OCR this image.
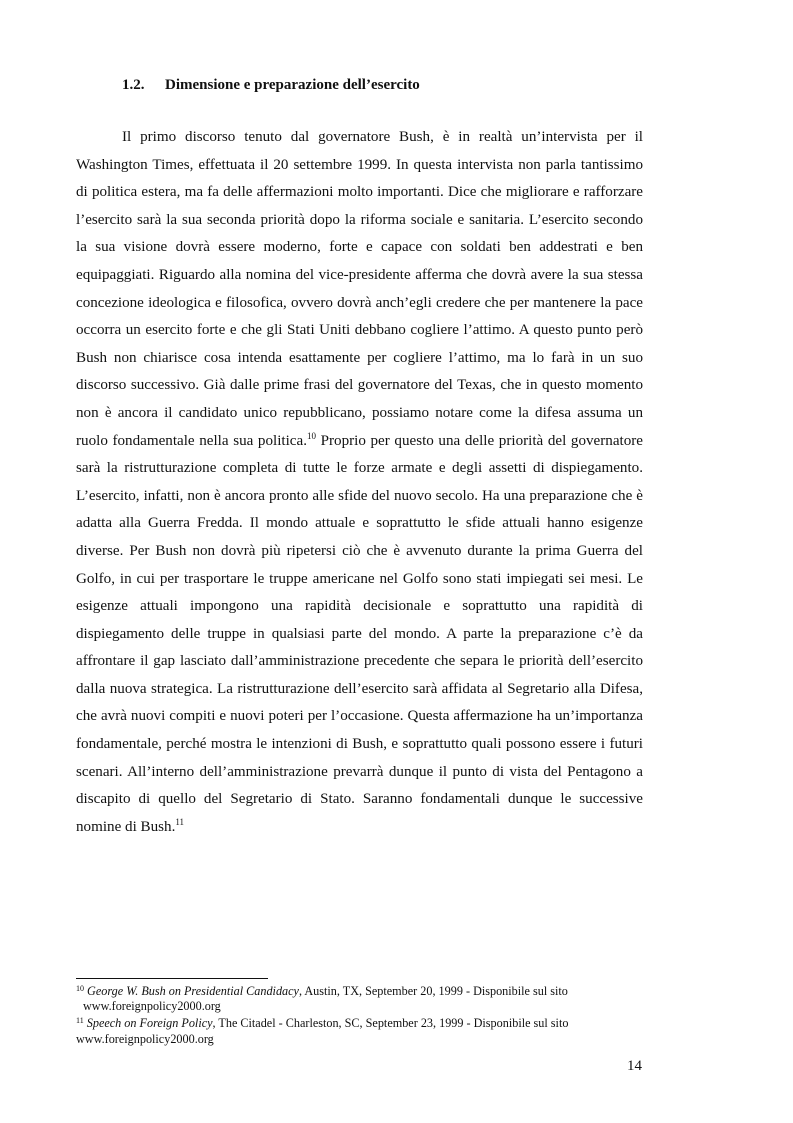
1.2. Dimensione e preparazione dell’esercito

Il primo discorso tenuto dal governatore Bush, è in realtà un’intervista per il Washington Times, effettuata il 20 settembre 1999. In questa intervista non parla tantissimo di politica estera, ma fa delle affermazioni molto importanti. Dice che migliorare e rafforzare l’esercito sarà la sua seconda priorità dopo la riforma sociale e sanitaria. L’esercito secondo la sua visione dovrà essere moderno, forte e capace con soldati ben addestrati e ben equipaggiati. Riguardo alla nomina del vice-presidente afferma che dovrà avere la sua stessa concezione ideologica e filosofica, ovvero dovrà anch’egli credere che per mantenere la pace occorra un esercito forte e che gli Stati Uniti debbano cogliere l’attimo. A questo punto però Bush non chiarisce cosa intenda esattamente per cogliere l’attimo, ma lo farà in un suo discorso successivo. Già dalle prime frasi del governatore del Texas, che in questo momento non è ancora il candidato unico repubblicano, possiamo notare come la difesa assuma un ruolo fondamentale nella sua politica.$^{10}$ Proprio per questo una delle priorità del governatore sarà la ristrutturazione completa di tutte le forze armate e degli assetti di dispiegamento. L’esercito, infatti, non è ancora pronto alle sfide del nuovo secolo. Ha una preparazione che è adatta alla Guerra Fredda. Il mondo attuale e soprattutto le sfide attuali hanno esigenze diverse. Per Bush non dovrà più ripetersi ciò che è avvenuto durante la prima Guerra del Golfo, in cui per trasportare le truppe americane nel Golfo sono stati impiegati sei mesi. Le esigenze attuali impongono una rapidità decisionale e soprattutto una rapidità di dispiegamento delle truppe in qualsiasi parte del mondo. A parte la preparazione c’è da affrontare il gap lasciato dall’amministrazione precedente che separa le priorità dell’esercito dalla nuova strategica. La ristrutturazione dell’esercito sarà affidata al Segretario alla Difesa, che avrà nuovi compiti e nuovi poteri per l’occasione. Questa affermazione ha un’importanza fondamentale, perché mostra le intenzioni di Bush, e soprattutto quali possono essere i futuri scenari. All’interno dell’amministrazione prevarrà dunque il punto di vista del Pentagono a discapito di quello del Segretario di Stato. Saranno fondamentali dunque le successive nomine di Bush.$^{11}$

$^{10}$ George W. Bush on Presidential Candidacy, Austin, TX, September 20, 1999 - Disponibile sul sito
www.foreignpolicy2000.org
$^{11}$ Speech on Foreign Policy, The Citadel - Charleston, SC, September 23, 1999 - Disponibile sul sito
www.foreignpolicy2000.org
14
